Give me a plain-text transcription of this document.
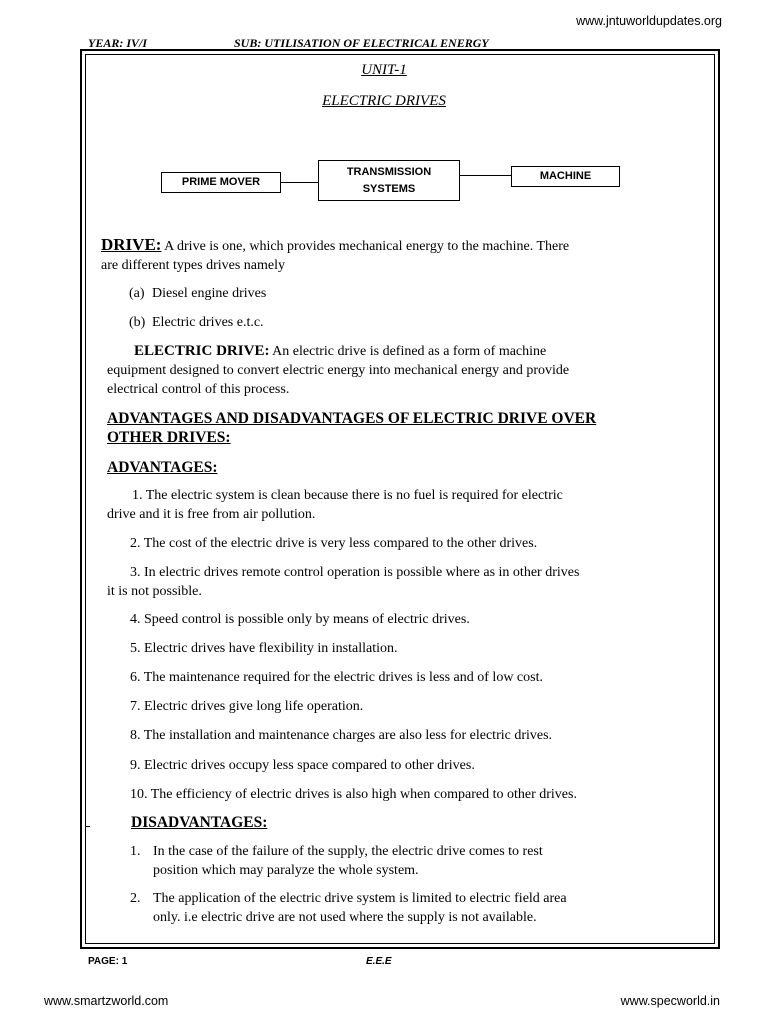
www.jntuworldupdates.org
YEAR: IV/I	SUB: UTILISATION OF ELECTRICAL ENERGY
UNIT-1
ELECTRIC DRIVES
PRIME MOVER
TRANSMISSION
SYSTEMS
MACHINE
DRIVE: A drive is one, which provides mechanical energy to the machine. There
are different types drives namely
(a) Diesel engine drives
(b) Electric drives e.t.c.
ELECTRIC DRIVE: An electric drive is defined as a form of machine
equipment designed to convert electric energy into mechanical energy and provide
electrical control of this process.
ADVANTAGES AND DISADVANTAGES OF ELECTRIC DRIVE OVER
OTHER DRIVES:
ADVANTAGES:
1. The electric system is clean because there is no fuel is required for electric
drive and it is free from air pollution.
2. The cost of the electric drive is very less compared to the other drives.
3. In electric drives remote control operation is possible where as in other drives
it is not possible.
4. Speed control is possible only by means of electric drives.
5. Electric drives have flexibility in installation.
6. The maintenance required for the electric drives is less and of low cost.
7. Electric drives give long life operation.
8. The installation and maintenance charges are also less for electric drives.
9. Electric drives occupy less space compared to other drives.
10. The efficiency of electric drives is also high when compared to other drives.
DISADVANTAGES:
1. In the case of the failure of the supply, the electric drive comes to rest
position which may paralyze the whole system.
2. The application of the electric drive system is limited to electric field area
only. i.e electric drive are not used where the supply is not available.
PAGE: 1	E.E.E
www.smartzworld.com	www.specworld.in
